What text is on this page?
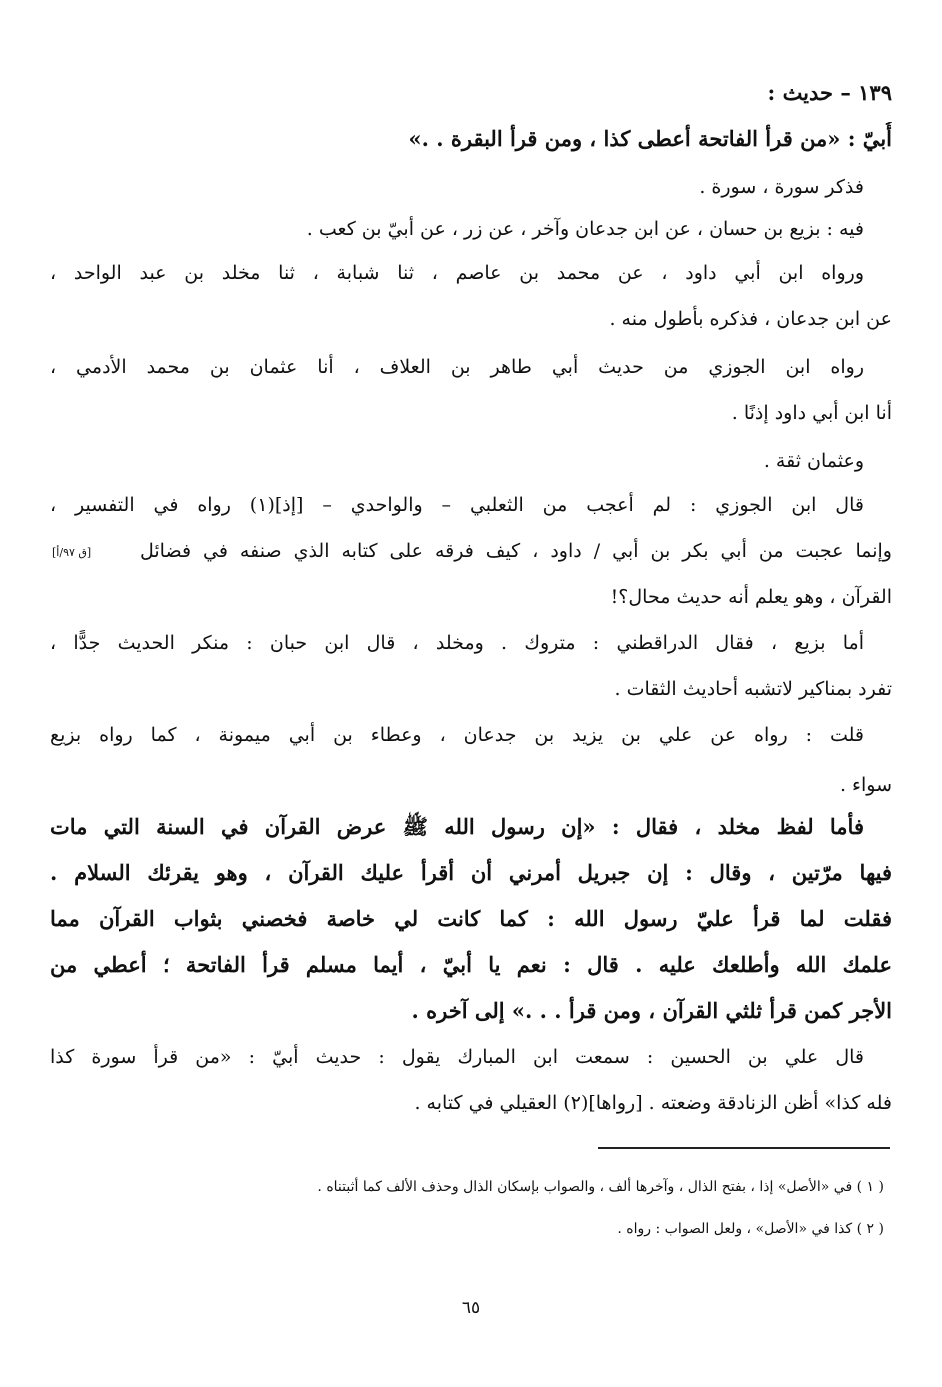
١٣٩ – حديث :

أُبيّ : «من قرأ الفاتحة أعطى كذا ، ومن قرأ البقرة . .»

فذكر سورة ، سورة .

فيه : بزيع بن حسان ، عن ابن جدعان وآخر ، عن زر ، عن أبيّ بن كعب .

ورواه ابن أبي داود ، عن محمد بن عاصم ، ثنا شبابة ، ثنا مخلد بن عبد الواحد ،

عن ابن جدعان ، فذكره بأطول منه .

رواه ابن الجوزي من حديث أبي طاهر بن العلاف ، أنا عثمان بن محمد الأدمي ،

أنا ابن أبي داود إذنًا .

وعثمان ثقة .

قال ابن الجوزي : لم أعجب من الثعلبي – والواحدي – [إذ](١) رواه في التفسير ،

وإنما عجبت من أبي بكر بن أبي / داود ، كيف فرقه على كتابه الذي صنفه في فضائل

[ق ٩٧/أ]

القرآن ، وهو يعلم أنه حديث محال؟!

أما بزيع ، فقال الدراقطني : متروك . ومخلد ، قال ابن حبان : منكر الحديث جدًّا ،

تفرد بمناكير لاتشبه أحاديث الثقات .

قلت : رواه عن علي بن يزيد بن جدعان ، وعطاء بن أبي ميمونة ، كما رواه بزيع

سواء .

فأما لفظ مخلد ، فقال : «إن رسول الله ﷺ عرض القرآن في السنة التي مات

فيها مرّتين ، وقال : إن جبريل أمرني أن أقرأ عليك القرآن ، وهو يقرئك السلام .

فقلت لما قرأ عليّ رسول الله : كما كانت لي خاصة فخصني بثواب القرآن مما

علمك الله وأطلعك عليه . قال : نعم يا أبيّ ، أيما مسلم قرأ الفاتحة ؛ أعطي من

الأجر كمن قرأ ثلثي القرآن ، ومن قرأ . . .» إلى آخره .

قال علي بن الحسين : سمعت ابن المبارك يقول : حديث أبيّ : «من قرأ سورة كذا

فله كذا» أظن الزنادقة وضعته . [رواها](٢) العقيلي في كتابه .

( ١ ) في «الأصل» إذا ، بفتح الذال ، وآخرها ألف ، والصواب بإسكان الذال وحذف الألف كما أثبتناه .

( ٢ ) كذا في «الأصل» ، ولعل الصواب : رواه .

٦٥
